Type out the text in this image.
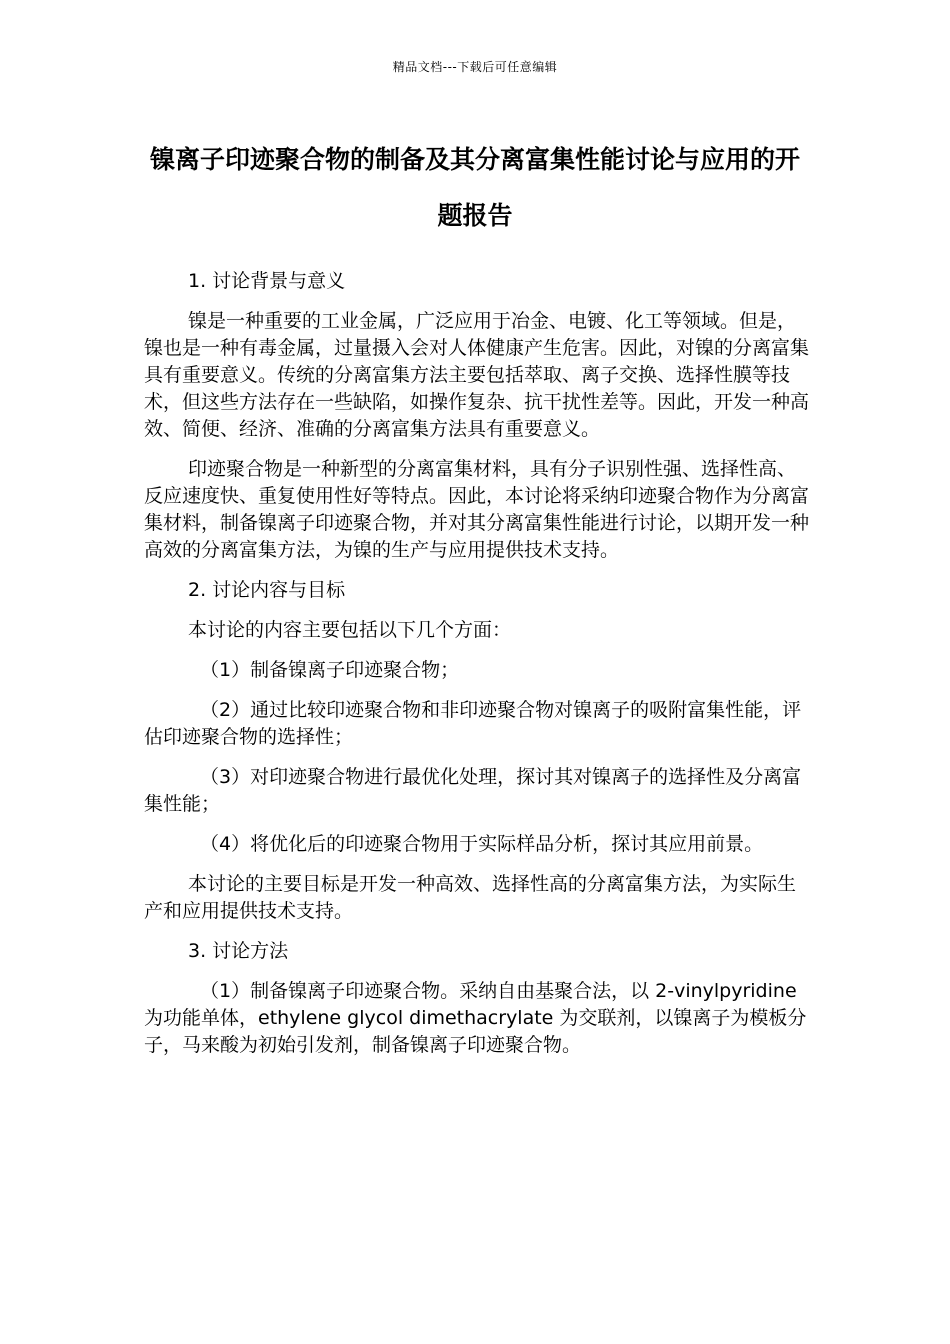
精品文档---下载后可任意编辑
镍离子印迹聚合物的制备及其分离富集性能讨论与应用的开题报告

1. 讨论背景与意义

镍是一种重要的工业金属，广泛应用于冶金、电镀、化工等领域。但是，镍也是一种有毒金属，过量摄入会对人体健康产生危害。因此，对镍的分离富集具有重要意义。传统的分离富集方法主要包括萃取、离子交换、选择性膜等技术，但这些方法存在一些缺陷，如操作复杂、抗干扰性差等。因此，开发一种高效、简便、经济、准确的分离富集方法具有重要意义。

印迹聚合物是一种新型的分离富集材料，具有分子识别性强、选择性高、反应速度快、重复使用性好等特点。因此，本讨论将采纳印迹聚合物作为分离富集材料，制备镍离子印迹聚合物，并对其分离富集性能进行讨论，以期开发一种高效的分离富集方法，为镍的生产与应用提供技术支持。

2. 讨论内容与目标

本讨论的内容主要包括以下几个方面：

（1）制备镍离子印迹聚合物；

（2）通过比较印迹聚合物和非印迹聚合物对镍离子的吸附富集性能，评估印迹聚合物的选择性；

（3）对印迹聚合物进行最优化处理，探讨其对镍离子的选择性及分离富集性能；

（4）将优化后的印迹聚合物用于实际样品分析，探讨其应用前景。

本讨论的主要目标是开发一种高效、选择性高的分离富集方法，为实际生产和应用提供技术支持。

3. 讨论方法

（1）制备镍离子印迹聚合物。采纳自由基聚合法，以 2-vinylpyridine 为功能单体，ethylene glycol dimethacrylate 为交联剂，以镍离子为模板分子，马来酸为初始引发剂，制备镍离子印迹聚合物。
